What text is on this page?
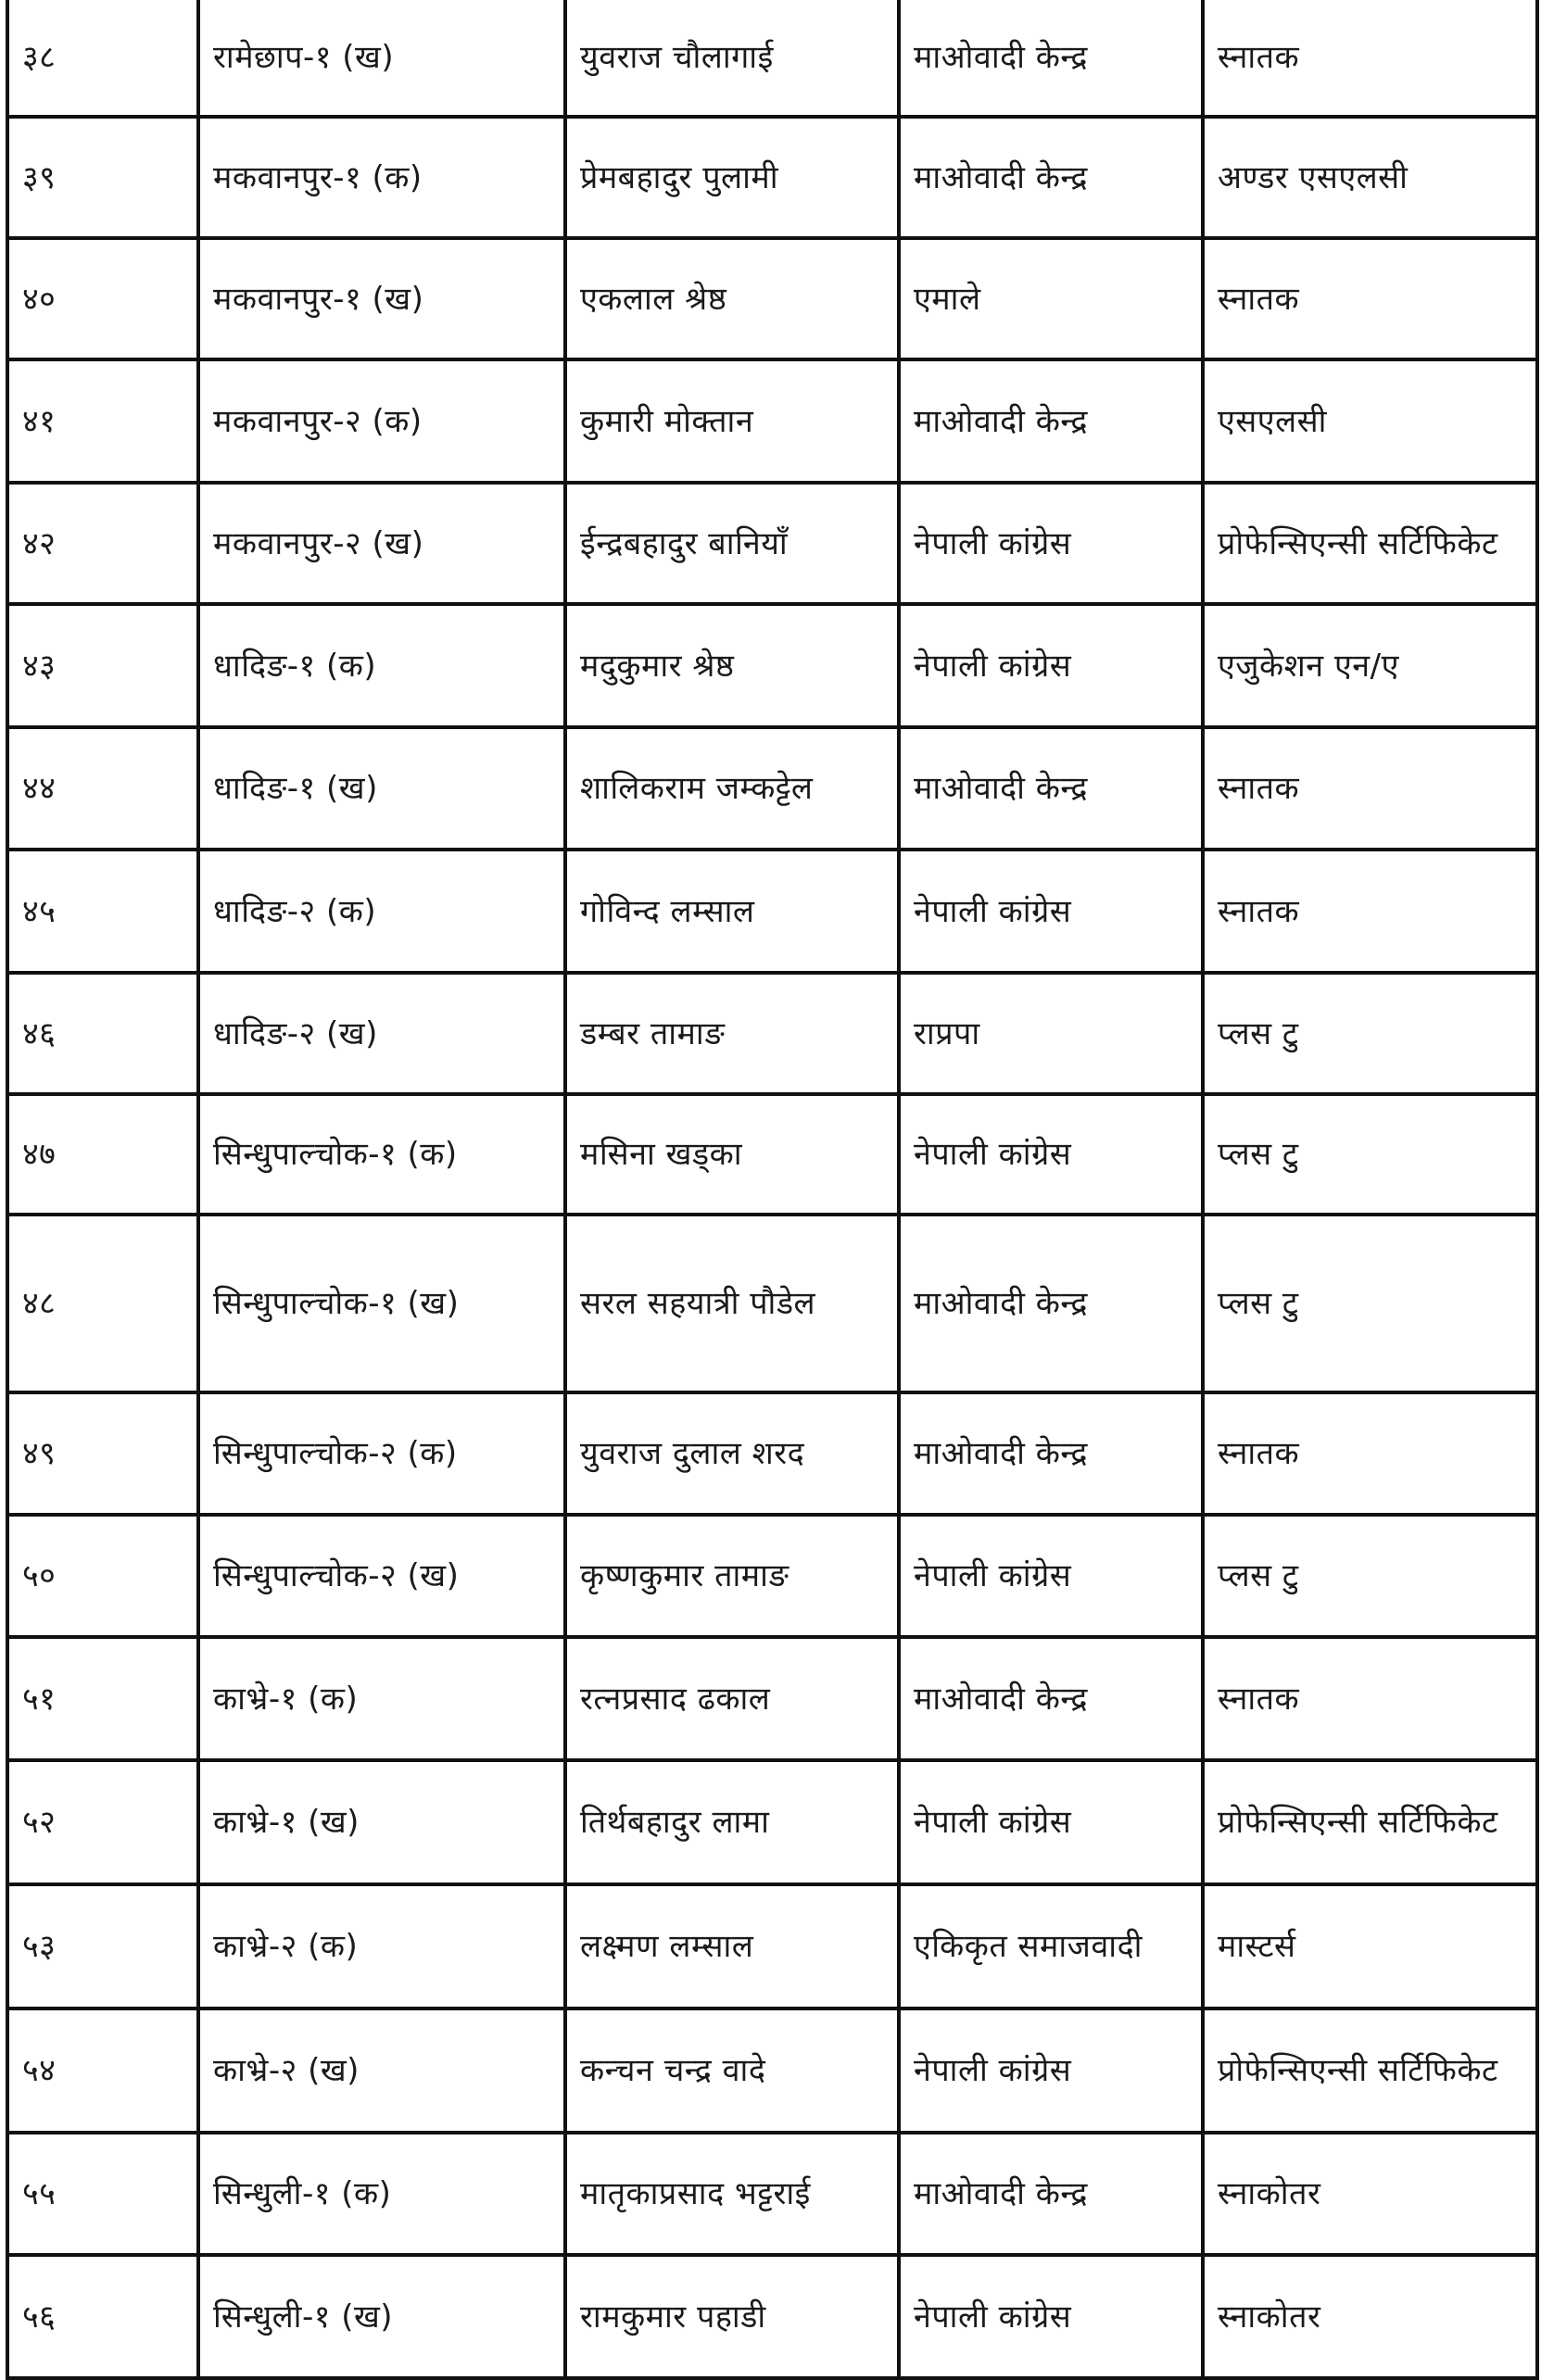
३८	रामेछाप-१ (ख)	युवराज चौलागाई	माओवादी केन्द्र	स्नातक
३९	मकवानपुर-१ (क)	प्रेमबहादुर पुलामी	माओवादी केन्द्र	अण्डर एसएलसी
४०	मकवानपुर-१ (ख)	एकलाल श्रेष्ठ	एमाले	स्नातक
४१	मकवानपुर-२ (क)	कुमारी मोक्तान	माओवादी केन्द्र	एसएलसी
४२	मकवानपुर-२ (ख)	ईन्द्रबहादुर बानियाँ	नेपाली कांग्रेस	प्रोफेन्सिएन्सी सर्टिफिकेट
४३	धादिङ-१ (क)	मदुकुमार श्रेष्ठ	नेपाली कांग्रेस	एजुकेशन एन/ए
४४	धादिङ-१ (ख)	शालिकराम जम्कट्टेल	माओवादी केन्द्र	स्नातक
४५	धादिङ-२ (क)	गोविन्द लम्साल	नेपाली कांग्रेस	स्नातक
४६	धादिङ-२ (ख)	डम्बर तामाङ	राप्रपा	प्लस टु
४७	सिन्धुपाल्चोक-१ (क)	मसिना खड्का	नेपाली कांग्रेस	प्लस टु
४८	सिन्धुपाल्चोक-१ (ख)	सरल सहयात्री पौडेल	माओवादी केन्द्र	प्लस टु
४९	सिन्धुपाल्चोक-२ (क)	युवराज दुलाल शरद	माओवादी केन्द्र	स्नातक
५०	सिन्धुपाल्चोक-२ (ख)	कृष्णकुमार तामाङ	नेपाली कांग्रेस	प्लस टु
५१	काभ्रे-१ (क)	रत्नप्रसाद ढकाल	माओवादी केन्द्र	स्नातक
५२	काभ्रे-१ (ख)	तिर्थबहादुर लामा	नेपाली कांग्रेस	प्रोफेन्सिएन्सी सर्टिफिकेट
५३	काभ्रे-२ (क)	लक्ष्मण लम्साल	एकिकृत समाजवादी	मास्टर्स
५४	काभ्रे-२ (ख)	कन्चन चन्द्र वादे	नेपाली कांग्रेस	प्रोफेन्सिएन्सी सर्टिफिकेट
५५	सिन्धुली-१ (क)	मातृकाप्रसाद भट्टराई	माओवादी केन्द्र	स्नाकोतर
५६	सिन्धुली-१ (ख)	रामकुमार पहाडी	नेपाली कांग्रेस	स्नाकोतर
